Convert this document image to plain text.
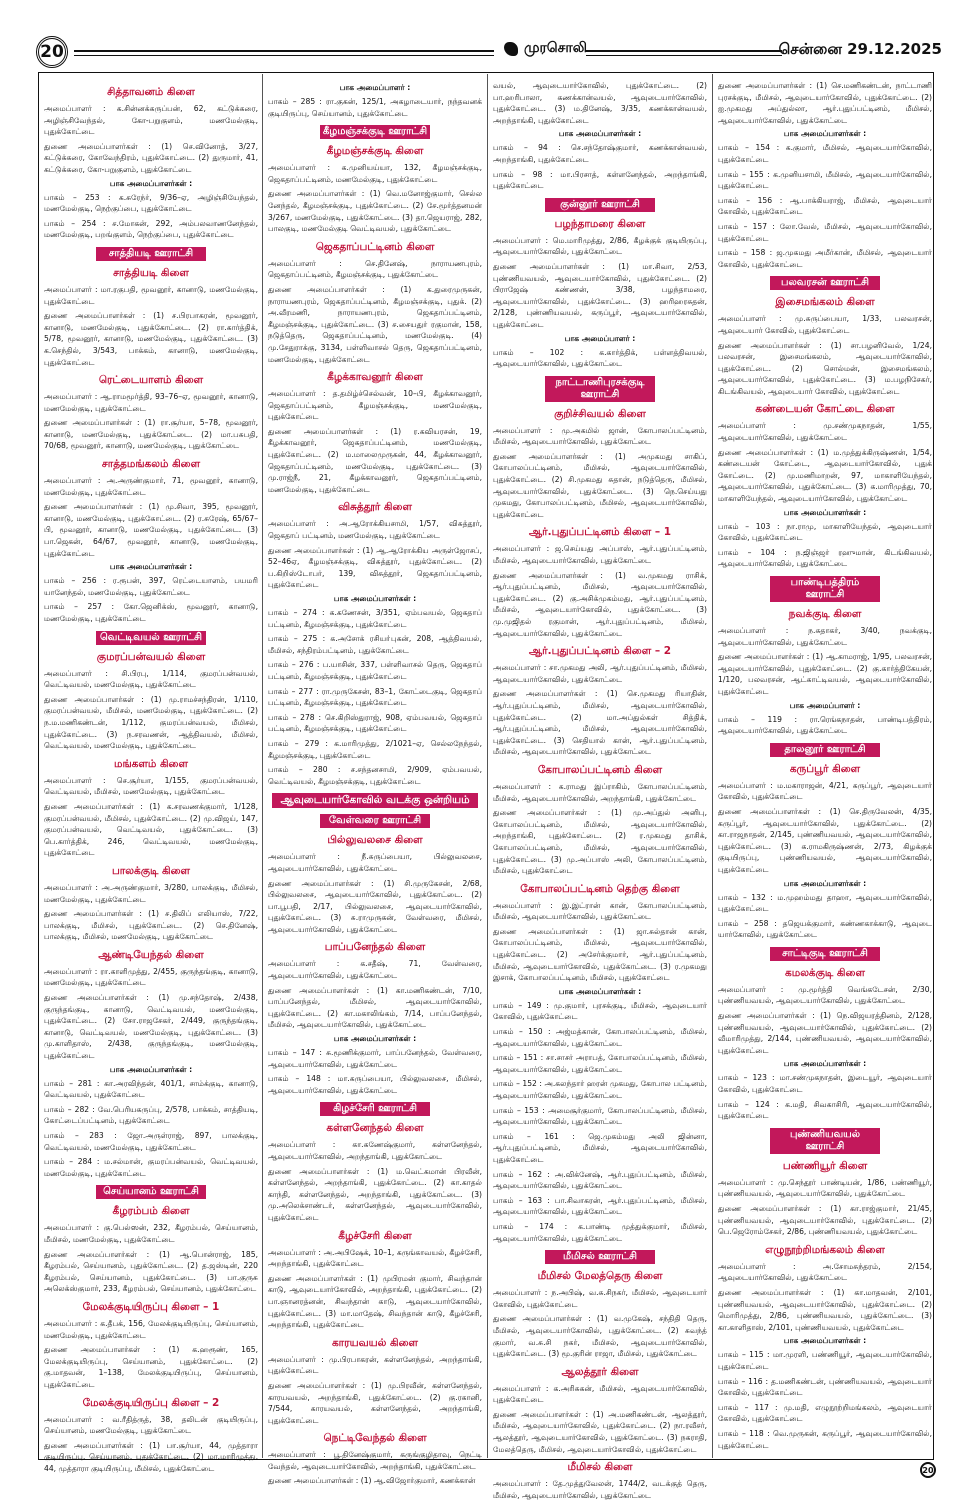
20	முரசொலி	சென்னை 29.12.2025
சித்தாவனம் கிளை
அமைப்பாளர் : க.சின்னக்கருப்பன், 62, கட்டுக்கரை, அழிஞ்சிவேந்தல், கோ-பறுகுளம், மணமேல்குடி, புதுக்கோட்டை
துணை அமைப்பாளர்கள் : (1) செ.வினோத், 3/27, கட்டுக்கரை, கோவேந்திரம், புதுக்கோட்டை. (2) துருமார், 41, கட்டுக்கரை, கோ-பறுகுளம், புதுக்கோட்டை
பாக அமைப்பாளர்கள் :
பாகம் – 253 : க.சுரேந்ர், 9/36–ஏ, அழிஞ்சியேந்தல், மணமேல்குடி, நெற்குப்பை, புதுக்கோட்டை
பாகம் – 254 : ச.மோகன், 292, அம்பலவாணனேந்தல், மணமேல்குடி, பறங்குளம், நெற்குப்பை, புதுக்கோட்டை
சாத்தியடி ஊராட்சி
சாத்தியடி கிளை
அமைப்பாளர் : மா.ரகுபதி, மூவனூர், கானாடு, மணமேல்குடி, புதுக்கோட்டை
துணை அமைப்பாளர்கள் : (1) ச.பிரபாகரன், மூவனூர், கானாடு, மணமேல்குடி, புதுக்கோட்டை. (2) ரா.கார்த்திக், 5/78, மூவனூர், கானாடு, மணமேல்குடி, புதுக்கோட்டை. (3) க.செந்தில், 3/543, பாக்கம், கானாடு, மணமேல்குடி, புதுக்கோட்டை
ரெட்டையாளம் கிளை
அமைப்பாளர் : ஆ.ராமமூர்த்தி, 93–76–ஏ, மூவனூர், கானாடு, மணமேல்குடி, புதுக்கோட்டை
துணை அமைப்பாளர்கள் : (1) ரா.சூர்யா, 5–78, மூவனூர், கானாடு, மணமேல்குடி, புதுக்கோட்டை. (2) மா.பசுபதி, 70/68, மூவனூர், கானாடு, மணமேல்குடி, புதுக்கோட்டை
சாத்தமங்கலம் கிளை
அமைப்பாளர் : அ.அருண்குமார், 71, மூவனூர், கானாடு, மணமேல்குடி, புதுக்கோட்டை
துணை அமைப்பாளர்கள் : (1) மு.சிவா, 395, மூவனூர், கானாடு, மணமேல்குடி, புதுக்கோட்டை. (2) ர.சுரேஷ், 65/67–பி, மூவனூர், கானாடு, மணமேல்குடி, புதுக்கோட்டை. (3) பா.ஜெகன், 64/67, மூவனூர், கானாடு, மணமேல்குடி, புதுக்கோட்டை
பாக அமைப்பாளர்கள் :
பாகம் – 256 : ர.ரூபன், 397, ரெட்டையாளம், பயமரி யானேந்தல், மணமேல்குடி, புதுக்கோட்டை
பாகம் – 257 : கோ.ஜெனிக்ஸ், மூவனூர், கானாடு, மணமேல்குடி, புதுக்கோட்டை
வெட்டிவயல் ஊராட்சி
குமரப்பன்வயல் கிளை
அமைப்பாளர் : சி.பிரபு, 1/114, குமரப்பன்வயல், வெட்டிவயல், மணமேல்குடி, புதுக்கோட்டை
துணை அமைப்பாளர்கள் : (1) மு.ராமச்சந்திரன், 1/110, குமரப்பன்வயல், மீமிசல், மணமேல்குடி, புதுக்கோட்டை. (2) ந.ம.மணிகண்டன், 1/112, குமரப்பன்வயல், மீமிசல், புதுக்கோட்டை. (3) ந.சரவணன், ஆத்திவயல், மீமிசல், வெட்டிவயல், மணமேல்குடி, புதுக்கோட்டை
மங்களம் கிளை
அமைப்பாளர் : செ.சூர்யா, 1/155, குமரப்பன்வயல், வெட்டிவயல், மீமிசல், மணமேல்குடி, புதுக்கோட்டை
துணை அமைப்பாளர்கள் : (1) க.சரவணக்குமார், 1/128, குமரப்பன்வயல், மீமிசல், புதுக்கோட்டை. (2) மு.விஜய், 147, குமரப்பன்வயல், வெட்டிவயல், புதுக்கோட்டை. (3) பெ.கார்த்திக், 246, வெட்டிவயல், மணமேல்குடி, புதுக்கோட்டை
பாலக்குடி கிளை
அமைப்பாளர் : அ.அருண்குமார், 3/280, பாலக்குடி, மீமிசல், மணமேல்குடி, புதுக்கோட்டை
துணை அமைப்பாளர்கள் : (1) ச.திலிப் எலியாஸ், 7/22, பாலக்குடி, மீமிசல், புதுக்கோட்டை. (2) செ.தினேஷ், பாலக்குடி, மீமிசல், மணமேல்குடி, புதுக்கோட்டை
ஆண்டியேந்தல் கிளை
அமைப்பாளர் : ரா.காளிமுத்து, 2/455, குருந்தங்குடி, கானாடு, மணமேல்குடி, புதுக்கோட்டை
துணை அமைப்பாளர்கள் : (1) மு.சந்தோஷ், 2/438, குருந்தங்குடி, கானாடு, வெட்டிவயல், மணமேல்குடி, புதுக்கோட்டை. (2) சோ.ராஜசேகர், 2/449, குருந்தங்குடி, கானாடு, வெட்டிவயல், மணமேல்குடி, புதுக்கோட்டை. (3) மு.காளிதாஸ், 2/438, குருந்தங்குடி, மணமேல்குடி, புதுக்கோட்டை
பாக அமைப்பாளர்கள் :
பாகம் – 281 : கா.அரவிந்தன், 401/1, சாம்க்குடி, கானாடு, வெட்டிவயல், புதுக்கோட்டை
பாகம் – 282 : வே.பெரியகருப்பு, 2/578, பாக்கம், சாத்தியடி, கோட்டைப்பட்டினம், புதுக்கோட்டை
பாகம் – 283 : ஜோ.அருள்ராஜ், 897, பாலக்குடி, வெட்டிவயல், மணமேல்குடி, புதுக்கோட்டை
பாகம் – 284 : ம.சல்மான், குமரப்பன்வயல், வெட்டிவயல், மணமேல்குடி, புதுக்கோட்டை
செய்யானம் ஊராட்சி
கீழரம்பம் கிளை
அமைப்பாளர் : கு.பெல்ஸன், 232, கீழரம்பல், செய்யானம், மீமிசல், மணமேல்குடி, புதுக்கோட்டை
துணை அமைப்பாளர்கள் : (1) ஆ.பொன்ராஜ், 185, கீழரம்பல், செய்யானம், புதுக்கோட்டை. (2) த.ஜஸ்டின், 220 கீழரம்பல், செய்யானம், புதுக்கோட்டை. (3) பா.குருசு அலெக்ஸ்குமார், 233, கீழரம்பல், செய்யானம், புதுக்கோட்டை
மேலக்குடியிருப்பு கிளை – 1
அமைப்பாளர் : க.தீபக், 156, மேலக்குடியிருப்பு, செய்யானம், மணமேல்குடி, புதுக்கோட்டை
துணை அமைப்பாளர்கள் : (1) க.ஹரூண், 165, மேலக்குடியிருப்பு, செய்யானம், புதுக்கோட்டை. (2) கு.மாதவன், 1–138, மேலக்குடியிருப்பு, செய்யானம், புதுக்கோட்டை
மேலக்குடியிருப்பு கிளை – 2
அமைப்பாளர் : வ.ரீதித்ருத், 38, தலிடன் குடியிருப்பு, செய்யானம், மணமேல்குடி, புதுக்கோட்டை
துணை அமைப்பாளர்கள் : (1) பா.சூர்யா, 44, முத்தாரா குடியிருப்பு, செய்யானம், புதுக்கோட்டை. (2) மா.மாரிமுத்து, 44, முத்தாரா குடியிருப்பு, மீமிசல், புதுக்கோட்டை
பாக அமைப்பாளர் :
பாகம் – 285 : ரா.குகன், 125/1, அகழாடையார், நந்தவனக் குடியிருப்பு, செய்யானம், புதுக்கோட்டை
கீழமஞ்சக்குடி ஊராட்சி
கீழமஞ்சக்குடி கிளை
அமைப்பாளர் : க.முனியய்யா, 132, கீழமஞ்சக்குடி, ஜெகதாப்பட்டினம், மணமேல்குடி, புதுக்கோட்டை
துணை அமைப்பாளர்கள் : (1) வெ.மனோஜ்குமார், செல்ல னேந்தல், கீழமஞ்சக்குடி, புதுக்கோட்டை. (2) சே.மூர்த்தனமன் 3/267, மணமேல்குடி, புதுக்கோட்டை. (3) தா.ஜெயராஜ், 282, பாலகுடி, மணமேல்குடி வெட்டிவயல், புதுக்கோட்டை
ஜெகதாப்பட்டினம் கிளை
அமைப்பாளர் : செ.தினேஷ், நாராயணபுரம், ஜெகதாப்பட்டினம், கீழமஞ்சக்குடி, புதுக்கோட்டை
துணை அமைப்பாளர்கள் : (1) க.துரைமுருகன், நாராயணபுரம், ஜெகதாப்பட்டினம், கீழமஞ்சக்குடி, புதுக். (2) அ.வீரமணி, நாராயணபுரம், ஜெகதாப்பட்டினம், கீழமஞ்சக்குடி, புதுக்கோட்டை. (3) ச.சையதுர் ரகுமான், 158, நடுத்தெரு, ஜெகதாப்பட்டினம், மணமேல்குடி. (4) மு.சேதுராக்கு, 3134, பள்ளிவாசல் தெரு, ஜெகதாப்பட்டினம், மணமேல்குடி, புதுக்கோட்டை
கீழக்காவனூர் கிளை
அமைப்பாளர் : த.தமிழ்ச்செல்வன், 10–பி, கீழக்காவனூர், ஜெகதாப்பட்டினம், கீழமஞ்சக்குடி, மணமேல்குடி, புதுக்கோட்டை
துணை அமைப்பாளர்கள் : (1) ர.கவியரசன், 19, கீழக்காவனூர், ஜெகதாப்பட்டினம், மணமேல்குடி, புதுக்கோட்டை. (2) ம.மாலைமுருகன், 44, கீழக்காவனூர், ஜெகதாப்பட்டினம், மணமேல்குடி, புதுக்கோட்டை. (3) மு.ராஜ்நீ, 21, கீழக்காவனூர், ஜெகதாப்பட்டினம், மணமேல்குடி, புதுக்கோட்டை
விசுத்தூர் கிளை
அமைப்பாளர் : அ.ஆரோக்கியசாமி, 1/57, விசுத்தூர், ஜெகதாப் பட்டினம், மணமேல்குடி, புதுக்கோட்டை
துணை அமைப்பாளர்கள் : (1) ஆ.ஆரோக்கிய அருள்ஜோசப், 52–46ஏ, கீழமஞ்சக்குடி, விசுத்தூர், புதுக்கோட்டை. (2) ப.கிறிஸ்டோபர், 139, விசுத்தூர், ஜெகதாப்பட்டினம், புதுக்கோட்டை
பாக அமைப்பாளர்கள் :
பாகம் – 274 : க.கணேசன், 3/351, ஏம்பவயல், ஜெகதாப் பட்டினம், கீழமஞ்சக்குடி, புதுக்கோட்டை
பாகம் – 275 : க.அசோக் ரசியா்புகன், 208, ஆத்திவயல், மீமிசல், சந்திரம்பட்டினம், புதுக்கோட்டை
பாகம் – 276 : ப.யாசின், 337, பள்ளிவாசல் தெரு, ஜெகதாப் பட்டினம், கீழமஞ்சக்குடி, புதுக்கோட்டை
பாகம் – 277 : ரா.முருகேசன், 83–1, கோட்டைகுடி, ஜெகதாப் பட்டினம், கீழமஞ்சக்குடி, புதுக்கோட்டை
பாகம் – 278 : செ.கிறிஸ்துராஜ், 908, ஏம்பவயல், ஜெகதாப் பட்டினம், கீழமஞ்சக்குடி, புதுக்கோட்டை
பாகம் – 279 : க.மாரிமுத்து, 2/1021–ஏ, செல்லநேந்தல், கீழமஞ்சக்குடி, புதுக்கோட்டை
பாகம் – 280 : ச.சந்தனசாமி, 2/909, ஏம்பவயல், வெட்டிவயல், கீழமஞ்சக்குடி, புதுக்கோட்டை
ஆவுடையார்கோவில் வடக்கு ஒன்றியம்
வேள்வரை ஊராட்சி
பில்லுவலசை கிளை
அமைப்பாளர் : நீ.சுருப்பையா, பில்லுவலசை, ஆவுடையார்கோவில், புதுக்கோட்டை
துணை அமைப்பாளர்கள் : (1) சி.முருகேசன், 2/68, பில்லுவலசை, ஆவுடையார்கோவில், புதுக்கோட்டை. (2) பா.பூபதி, 2/17, பில்லுவலசை, ஆவுடையார்கோவில், புதுக்கோட்டை. (3) சு.ராமுருகன், வேள்வரை, மீமிசல், ஆவுடையார்கோவில், புதுக்கோட்டை
பாப்பனேந்தல் கிளை
அமைப்பாளர் : க.சதீஷ், 71, வேள்வரை, ஆவுடையார்கோவில், புதுக்கோட்டை
துணை அமைப்பாளர்கள் : (1) கா.மணிகண்டன், 7/10, பாப்பனேந்தல், மீமிசல், ஆவுடையார்கோவில், புதுக்கோட்டை. (2) கா.மகாலிங்கம், 7/14, பாப்பனேந்தல், மீமிசல், ஆவுடையார்கோவில், புதுக்கோட்டை
பாக அமைப்பாளர்கள் :
பாகம் – 147 : சு.மூணிக்குமார், பாப்பனேந்தல், வேள்வரை, ஆவுடையார்கோவில், புதுக்கோட்டை
பாகம் – 148 : மா.கருப்பையா, பில்லுவலசை, மீமிசல், ஆவுடையார்கோவில், புதுக்கோட்டை
கிழச்சேரி ஊராட்சி
கள்ளனேந்தல் கிளை
அமைப்பாளர் : கா.கணேஷ்குமார், கள்ளனேந்தல், ஆவுடையார்கோவில், அறந்தாங்கி, புதுக்கோட்டை
துணை அமைப்பாளர்கள் : (1) ம.வெட்கமான் பிரவீன், கள்ளனேந்தல், அறந்தாங்கி, புதுக்கோட்டை. (2) கா.காதல் காந்தி, கள்ளனேந்தல், அறந்தாங்கி, புதுக்கோட்டை. (3) மு.அலெக்சாண்டர், கள்ளனேந்தல், ஆவுடையார்கோவில், புதுக்கோட்டை
கீழச்சேரி கிளை
அமைப்பாளர் : அ.அபிஷேக், 10–1, கருங்காவயல், கீழச்சேரி, அறந்தாங்கி, புதுக்கோட்டை
துணை அமைப்பாளர்கள் : (1) முபிரமன் குமார், சிவந்தான் காடு, ஆவுடையார்கோவில், அறந்தாங்கி, புதுக்கோட்டை. (2) பா.ஞானரத்னன், சிவந்தான் காடு, ஆவுடையார்கோவில், புதுக்கோட்டை. (3) மா.மாதேஷ், சிவந்தான் காடு, கீழச்சேரி, அறந்தாங்கி, புதுக்கோட்டை
காரயவயல் கிளை
அமைப்பாளர் : மு.பிரபாகரன், கள்ளனேந்தல், அறந்தாங்கி, புதுக்கோட்டை
துணை அமைப்பாளர்கள் : (1) மு.பிரவீன், கள்ளனேந்தல், காரயவயல், அறந்தாங்கி, புதுக்கோட்டை. (2) கு.ரகானி, 7/544, காரயவயல், கள்ளனேந்தல், அறந்தாங்கி, புதுக்கோட்டை
நெட்டிவேந்தல் கிளை
அமைப்பாளர் : பூ.தினேஷ்குமார், கருங்குழிதாவு, நெட்டி வேந்தல், ஆவுடையார்கோவில், அறந்தாங்கி, புதுக்கோட்டை
துணை அமைப்பாளர்கள் : (1) ஆ.விஜோர்குமார், கணக்கான்
வயல், ஆவுடையார்கோவில், புதுக்கோட்டை. (2) பா.ஹரிபாலா, கணக்கான்வயல், ஆவுடையார்கோவில், புதுக்கோட்டை. (3) ம.தினேஷ், 3/35, கணக்கான்வயல், அறந்தாங்கி, புதுக்கோட்டை
பாக அமைப்பாளர்கள் :
பாகம் – 94 : செ.சந்தோஷ்குமார், கணக்கான்வயல், அறந்தாங்கி, புதுக்கோட்டை
பாகம் – 98 : மா.பிரசாத், கள்ளனேந்தல், அறந்தாங்கி, புதுக்கோட்டை
குன்னூர் ஊராட்சி
பழந்தாமரை கிளை
அமைப்பாளர் : மெ.மாரிமுத்து, 2/86, கீழக்குக் குடியிருப்பு, ஆவுடையார்கோவில், புதுக்கோட்டை
துணை அமைப்பாளர்கள் : (1) மா.சிவா, 2/53, புண்ணியவயல், ஆவுடையார்கோவில், புதுக்கோட்டை. (2) பிராஜேஷ் கண்ணன், 3/38, பழந்தாமரை, ஆவுடையார்கோவில், புதுக்கோட்டை. (3) ஹரிஹரசுதன், 2/128, புண்ணியவயல், கருப்பூர், ஆவுடையார்கோவில், புதுக்கோட்டை
பாக அமைப்பாளர் :
பாகம் – 102 : க.கார்த்திக், பள்ளத்திவயல், ஆவுடையார்கோவில், புதுக்கோட்டை
நாட்டாணிபுரசக்குடி ஊராட்சி
குறிச்சிவயல் கிளை
அமைப்பாளர் : மு.அகமில் ஜான், கோபாலப்பட்டினம், மீமிசல், ஆவுடையார்கோவில், புதுக்கோட்டை
துணை அமைப்பாளர்கள் : (1) அமுகமது சாகிப், கோபாலப்பட்டினம், மீமிசல், ஆவுடையார்கோவில், புதுக்கோட்டை. (2) சி.முகமது சுதான், நடுத்தெரு, மீமிசல், ஆவுடையார்கோவில், புதுக்கோட்டை. (3) நெ.செய்யது முகமது, கோபாலப்பட்டினம், மீமிசல், ஆவுடையார்கோவில், புதுக்கோட்டை
ஆர்.புதுப்பட்டினம் கிளை – 1
அமைப்பாளர் : ஜ.செய்யது அப்பாஸ், ஆர்.புதுப்பட்டினம், மீமிசல், ஆவுடையார்கோவில், புதுக்கோட்டை
துணை அமைப்பாளர்கள் : (1) வ.முகமது ராசிக், ஆர்.புதுப்பட்டினம், மீமிசல், ஆவுடையார்கோவில், புதுக்கோட்டை. (2) கு.அசிக்முகம்மது, ஆர்.புதுப்பட்டினம், மீமிசல், ஆவுடையார்கோவில், புதுக்கோட்டை. (3) மு.முஜிதல் ரகுமான், ஆர்.புதுப்பட்டினம், மீமிசல், ஆவுடையார்கோவில், புதுக்கோட்டை
ஆர்.புதுப்பட்டினம் கிளை – 2
அமைப்பாளர் : சா.முகமது அலி, ஆர்.புதுப்பட்டினம், மீமிசல், ஆவுடையார்கோவில், புதுக்கோட்டை
துணை அமைப்பாளர்கள் : (1) செ.முகமது ரியாதின், ஆர்.புதுப்பட்டினம், மீமிசல், ஆவுடையார்கோவில், புதுக்கோட்டை. (2) மா.அப்துல்கள் சித்திக், ஆர்.புதுப்பட்டினம், மீமிசல், ஆவுடையார்கோவில், புதுக்கோட்டை. (3) செதியால் கான், ஆர்.புதுப்பட்டினம், மீமிசல், ஆவுடையார்கோவில், புதுக்கோட்டை
கோபாலப்பட்டினம் கிளை
அமைப்பாளர் : க.ராமது இப்ராகிம், கோபாலப்பட்டினம், மீமிசல், ஆவுடையார்கோவில், அறந்தாங்கி, புதுக்கோட்டை
துணை அமைப்பாளர்கள் : (1) மு.அப்துல் அனிபு, கோபாலப்பட்டினம், மீமிசல், ஆவுடையார்கோவில், அறந்தாங்கி, புதுக்கோட்டை. (2) ர.முகமது தாசிக், கோபாலப்பட்டினம், மீமிசல், ஆவுடையார்கோவில், புதுக்கோட்டை. (3) மு.அப்பாஸ் அலி, கோபாலப்பட்டினம், மீமிசல், புதுக்கோட்டை
கோபாலப்பட்டினம் தெற்கு கிளை
அமைப்பாளர் : இ.இட்ரான் கான், கோபாலப்பட்டினம், மீமிசல், ஆவுடையார்கோவில், புதுக்கோட்டை
துணை அமைப்பாளர்கள் : (1) ஜா.சுல்தான் கான், கோபாலப்பட்டினம், மீமிசல், ஆவுடையார்கோவில், புதுக்கோட்டை. (2) அசேர்க்குமார், ஆர்.புதுப்பட்டினம், மீமிசல், ஆவுடையார்கோவில், புதுக்கோட்டை. (3) ர.முகமது இசாக், கோபாலப்பட்டினம், மீமிசல், புதுக்கோட்டை
பாக அமைப்பாளர்கள் :
பாகம் – 149 : மு.குமார், புரசக்குடி, மீமிசல், ஆவுடையார் கோவில், புதுக்கோட்டை
பாகம் – 150 : அஜ்மத்கான், கோபாலப்பட்டினம், மீமிசல், ஆவுடையார்கோவில், புதுக்கோட்டை
பாகம் – 151 : சா.சாசர் அராபத், கோபாலப்பட்டினம், மீமிசல், ஆவுடையார்கோவில், புதுக்கோட்டை
பாகம் – 152 : அ.கலந்தார் ஹரன் முகமது, கோபால பட்டினம், ஆவுடையார்கோவில், புதுக்கோட்டை
பாகம் – 153 : அமைசூர்குமார், கோபாலப்பட்டினம், மீமிசல், ஆவுடையார்கோவில், புதுக்கோட்டை
பாகம் – 161 : ஜெ.முகம்மது அலி ஜின்னா, ஆர்.புதுப்பட்டினம், மீமிசல், ஆவுடையார்கோவில், புதுக்கோட்டை
பாகம் – 162 : அ.விக்னேஷ், ஆர்.புதுப்பட்டினம், மீமிசல், ஆவுடையார்கோவில், புதுக்கோட்டை
பாகம் – 163 : பா.சிவாகரன், ஆர்.புதுப்பட்டினம், மீமிசல், ஆவுடையார்கோவில், புதுக்கோட்டை
பாகம் – 174 : க.பாண்டி முத்துக்குமார், மீமிசல், ஆவுடையார்கோவில், புதுக்கோட்டை
மீமிசல் ஊராட்சி
மீமிசல் மேலத்தெரு கிளை
அமைப்பாளர் : ந.அபிஷ், வ.சு.சிநகர், மீமிசல், ஆவுடையார் கோவில், புதுக்கோட்டை
துணை அமைப்பாளர்கள் : (1) வ.முகேஷ், சந்திதி தெரு, மீமிசல், ஆவுடையார்கோவில், புதுக்கோட்டை. (2) சுவந்த் குமார், வ.சு.சி நகர், மீமிசல், ஆவுடையார்கோவில், புதுக்கோட்டை. (3) மூ.குரின் ராஜா, மீமிசல், புதுக்கோட்டை
ஆலத்தூர் கிளை
அமைப்பாளர் : க.அரிசுகன், மீமிசல், ஆவுடையார்கோவில், புதுக்கோட்டை
துணை அமைப்பாளர்கள் : (1) அ.மணிகண்டன், ஆலத்தூர், மீமிசல், ஆவுடையார்கோவில், புதுக்கோட்டை. (2) நா.ரவீசர், ஆலத்தூர், ஆவுடையார்கோவில், புதுக்கோட்டை. (3) நகராதி, மேலத்தெரு, மீமிசல், ஆவுடையார்கோவில், புதுக்கோட்டை
மீமிசல் கிளை
அமைப்பாளர் : தே.முத்துவேலன், 1744/2, வடக்குத் தெரு, மீமிசல், ஆவுடையார்கோவில், புதுக்கோட்டை
துணை அமைப்பாளர்கள் : (1) செ.மணிகண்டன், நாட்டாணி புரசக்குடி, மீமிசல், ஆவுடையார்கோவில், புதுக்கோட்டை. (2) ஐ.முகமது அப்துல்லா, ஆர்.புதுப்பட்டினம், மீமிசல், ஆவுடையார்கோவில், புதுக்கோட்டை
பாக அமைப்பாளர்கள் :
பாகம் – 154 : க.குமார், மீமிசல், ஆவுடையார்கோவில், புதுக்கோட்டை
பாகம் – 155 : க.முனியசாமி, மீமிசல், ஆவுடையார்கோவில், புதுக்கோட்டை
பாகம் – 156 : ஆ.பாக்கியராஜ், மீமிசல், ஆவுடையார் கோவில், புதுக்கோட்டை
பாகம் – 157 : லோ.வேல், மீமிசல், ஆவுடையார்கோவில், புதுக்கோட்டை
பாகம் – 158 : ஜ.முகமது அமீர்கான், மீமிசல், ஆவுடையார் கோவில், புதுக்கோட்டை
பலவரசன் ஊராட்சி
இசைமங்கலம் கிளை
அமைப்பாளர் : மு.சுருப்பையா, 1/33, பலவரசன், ஆவுடையார் கோவில், புதுக்கோட்டை
துணை அமைப்பாளர்கள் : (1) சா.பழனிவேல், 1/24, பலவரசன், இசைமங்கலம், ஆவுடையார்கோவில், புதுக்கோட்டை. (2) சொல்மன், இசைமங்கலம், ஆவுடையார்கோவில், புதுக்கோட்டை. (3) ம.பழநிசேகர், கிடங்கிவயல், ஆவுடையார் கோவில், புதுக்கோட்டை
கண்டையன் கோட்டை கிளை
அமைப்பாளர் : மு.சண்முகநாதன், 1/55, ஆவுடையார்கோவில், புதுக்கோட்டை
துணை அமைப்பாளர்கள் : (1) ம.முத்துக்கிருஷ்ணன், 1/54, கண்டையன் கோட்டை, ஆவுடையார்கோவில், புதுக் கோட்டை. (2) மு.மணிமாறன், 97, மாகாளியேந்தல், ஆவுடையார்கோவில், புதுக்கோட்டை. (3) க.மாரிமுத்து, 70, மாகாளியேந்தல், ஆவுடையார்கோவில், புதுக்கோட்டை
பாக அமைப்பாளர்கள் :
பாகம் – 103 : நா.ராமு, மாகாளியேந்தல், ஆவுடையார் கோவில், புதுக்கோட்டை
பாகம் – 104 : ந.ஜிஞ்ஜர் ரஹுமான், கிடங்கிவயல், ஆவுடையார்கோவில், புதுக்கோட்டை
பாண்டிபத்திரம் ஊராட்சி
நவக்குடி கிளை
அமைப்பாளர் : ந.சுதாகர், 3/40, நவக்குடி, ஆவுடையார்கோவில், புதுக்கோட்டை
துணை அமைப்பாளர்கள் : (1) ஆ.காமராஜ், 1/95, பலவரசன், ஆவுடையார்கோவில், புதுக்கோட்டை. (2) கு.கார்த்திகேயன், 1/120, பலவரசன், ஆட்காட்டிவயல், ஆவுடையார்கோவில், புதுக்கோட்டை
பாக அமைப்பாளர் :
பாகம் – 119 : ரா.ரெங்கநாதன், பாண்டிபத்திரம், ஆவுடையார்கோவில், புதுக்கோட்டை
தாலனூர் ஊராட்சி
கருப்பூர் கிளை
அமைப்பாளர் : ம.மகாராஜன், 4/21, கருப்பூர், ஆவுடையார் கோவில், புதுக்கோட்டை
துணை அமைப்பாளர்கள் : (1) செ.திருவேலன், 4/35, கருப்பூர், ஆவுடையார்கோவில், புதுக்கோட்டை. (2) கா.ராஜநாதன், 2/145, புண்ணியவயல், ஆவுடையார்கோவில், புதுக்கோட்டை. (3) க.ராமகிருஷ்ணன், 2/73, கிழக்குக் குடியிருப்பு, புண்ணியவயல், ஆவுடையார்கோவில், புதுக்கோட்டை
பாக அமைப்பாளர்கள் :
பாகம் – 132 : ம.முஹம்மது தாஹா, ஆவுடையார்கோவில், புதுக்கோட்டை
பாகம் – 258 : தஜெயக்குமார், கண்ணகாக்காடு, ஆவுடை யார்கோவில், புதுக்கோட்டை
சாட்டிகுடி ஊராட்சி
கமலக்குடி கிளை
அமைப்பாளர் : மு.மூர்த்தி வெங்கடேசன், 2/30, புண்ணியவயல், ஆவுடையார்கோவில், புதுக்கோட்டை
துணை அமைப்பாளர்கள் : (1) நெ.விஜயரத்தினம், 2/128, புண்ணியவயல், ஆவுடையார்கோவில், புதுக்கோட்டை. (2) வீமாரிமுத்து, 2/144, புண்ணியவயல், ஆவுடையார்கோவில், புதுக்கோட்டை
பாக அமைப்பாளர்கள் :
பாகம் – 123 : மா.சண்முகநாதன், இடையூர், ஆவுடையார் கோவில், புதுக்கோட்டை
பாகம் – 124 : க.மதி, சிவகாசிரி, ஆவுடையார்கோவில், புதுக்கோட்டை
புண்ணியவயல் ஊராட்சி
பண்ணியூர் கிளை
அமைப்பாளர் : மு.செந்தூர் பாண்டியன், 1/86, பண்ணியூர், புண்ணியவயல், ஆவுடையார்கோவில், புதுக்கோட்டை
துணை அமைப்பாளர்கள் : (1) கா.ராஜ்குமார், 21/45, புண்ணியவயல், ஆவுடையார்கோவில், புதுக்கோட்டை. (2) பெ.ஜெரோம்சேகர், 2/86, புண்ணியவயல், புதுக்கோட்டை
எழுநூற்றிமங்கலம் கிளை
அமைப்பாளர் : அ.சோமசுந்தரம், 2/154, ஆவுடையார்கோவில், புதுக்கோட்டை
துணை அமைப்பாளர்கள் : (1) கா.மாதவன், 2/101, புண்ணியவயல், ஆவுடையார்கோவில், புதுக்கோட்டை. (2) மொரிமுத்து, 2/86, புண்ணியவயல், புதுக்கோட்டை. (3) கா.காளிதாஸ், 2/101, புண்ணியவயல், புதுக்கோட்டை
பாக அமைப்பாளர்கள் :
பாகம் – 115 : மா.முரளி, பண்ணியூர், ஆவுடையார்கோவில், புதுக்கோட்டை
பாகம் – 116 : த.மணிகண்டன், புண்ணியவயல், ஆவுடையார் கோவில், புதுக்கோட்டை
பாகம் – 117 : மு.மதி, எழுநூற்றிமங்கலம், ஆவுடையார் கோவில், புதுக்கோட்டை
பாகம் – 118 : வெ.முருகன், கருப்பூர், ஆவுடையார்கோவில், புதுக்கோட்டை
20
